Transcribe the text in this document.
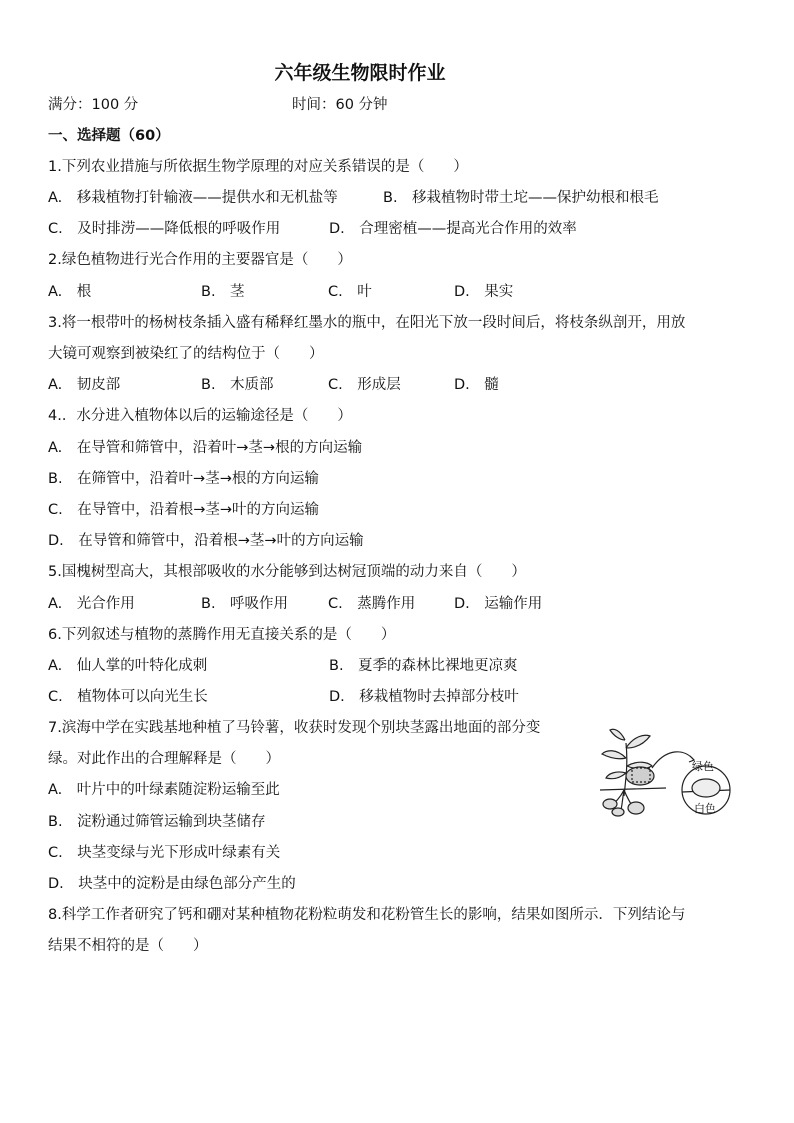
六年级生物限时作业
满分：100 分	时间：60 分钟
一、选择题（60）
1.下列农业措施与所依据生物学原理的对应关系错误的是（　　）
A.　移栽植物打针输液——提供水和无机盐等	B.　移栽植物时带土坨——保护幼根和根毛
C.　及时排涝——降低根的呼吸作用	D.　合理密植——提高光合作用的效率
2.绿色植物进行光合作用的主要器官是（　　）
A.　根	B.　茎	C.　叶	D.　果实
3.将一根带叶的杨树枝条插入盛有稀释红墨水的瓶中，在阳光下放一段时间后，将枝条纵剖开，用放
大镜可观察到被染红了的结构位于（　　）
A.　韧皮部	B.　木质部	C.　形成层	D.　髓
4.．水分进入植物体以后的运输途径是（　　）
A.　在导管和筛管中，沿着叶→茎→根的方向运输
B.　在筛管中，沿着叶→茎→根的方向运输
C.　在导管中，沿着根→茎→叶的方向运输
D.　在导管和筛管中，沿着根→茎→叶的方向运输
5.国槐树型高大，其根部吸收的水分能够到达树冠顶端的动力来自（　　）
A.　光合作用	B.　呼吸作用	C.　蒸腾作用	D.　运输作用
6.下列叙述与植物的蒸腾作用无直接关系的是（　　）
A.　仙人掌的叶特化成刺	B.　夏季的森林比裸地更凉爽
C.　植物体可以向光生长	D.　移栽植物时去掉部分枝叶
7.滨海中学在实践基地种植了马铃薯，收获时发现个别块茎露出地面的部分变
绿。对此作出的合理解释是（　　）
A.　叶片中的叶绿素随淀粉运输至此
B.　淀粉通过筛管运输到块茎储存
C.　块茎变绿与光下形成叶绿素有关
D.　块茎中的淀粉是由绿色部分产生的
绿色
白色
8.科学工作者研究了钙和硼对某种植物花粉粒萌发和花粉管生长的影响，结果如图所示．下列结论与
结果不相符的是（　　）
